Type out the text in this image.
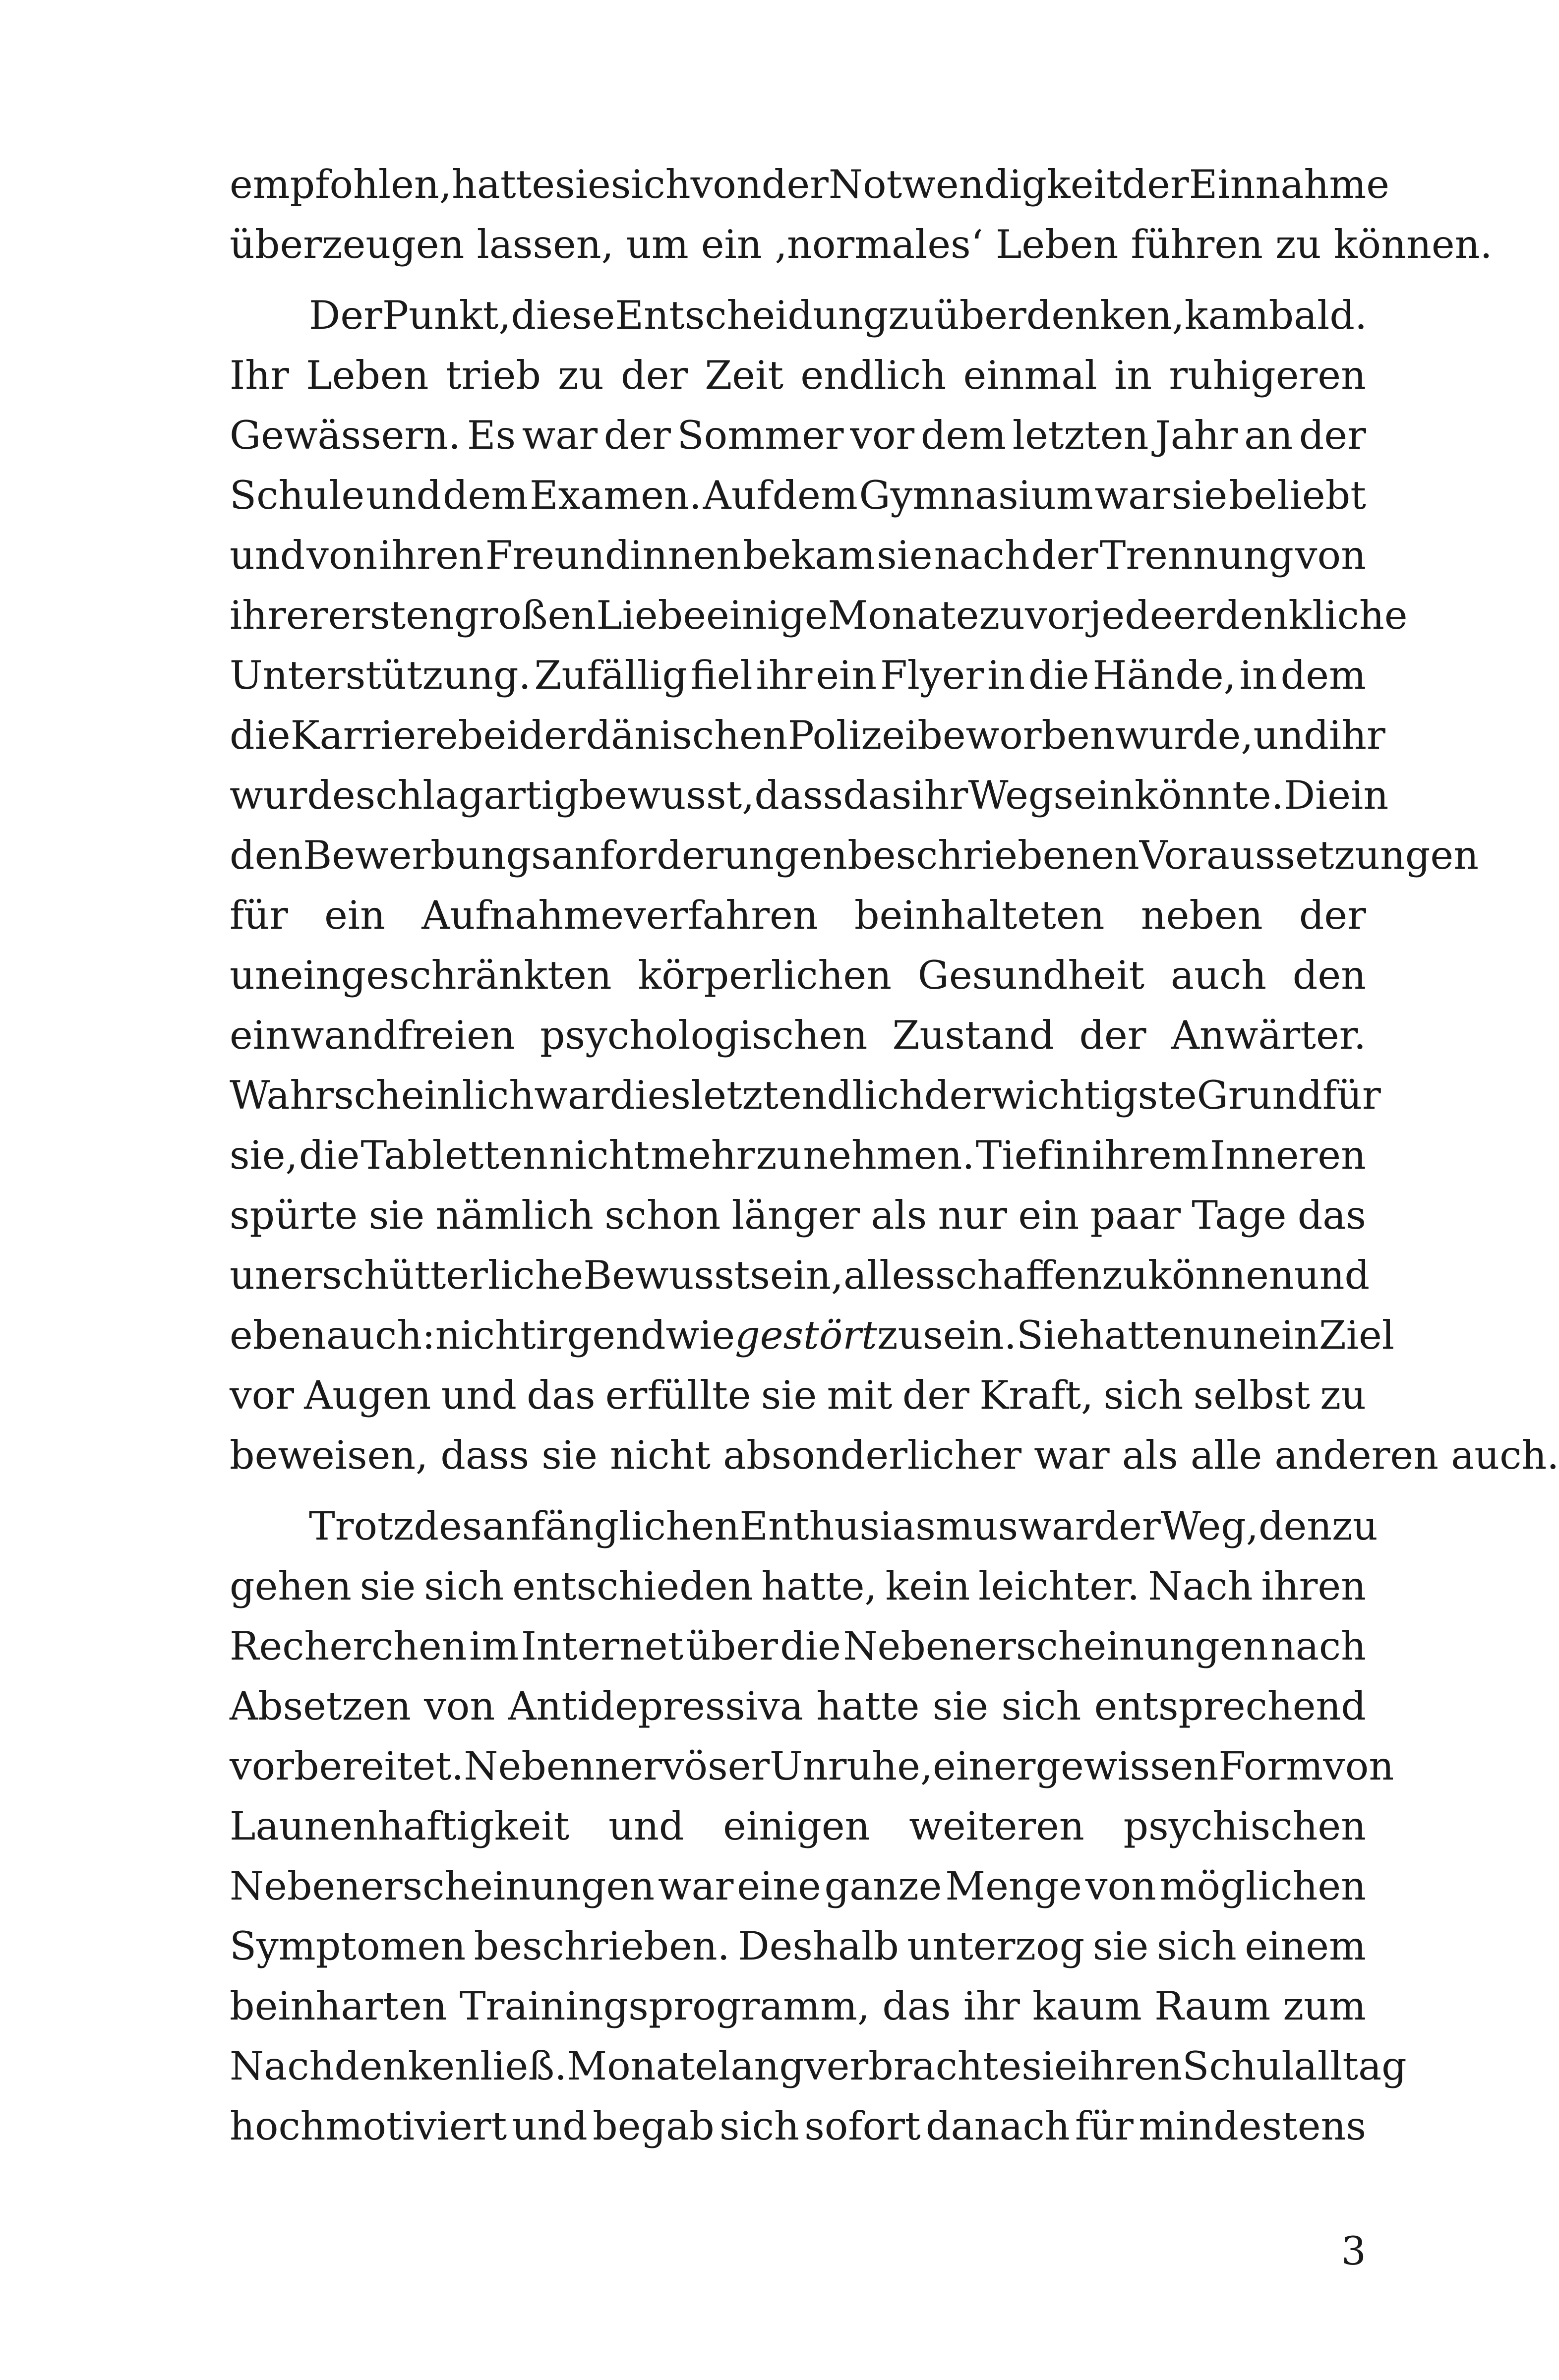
empfohlen, hatte sie sich von der Notwendigkeit der Einnahme
überzeugen lassen, um ein ‚normales‘ Leben führen zu können.
Der Punkt, diese Entscheidung zu überdenken, kam bald.
Ihr Leben trieb zu der Zeit endlich einmal in ruhigeren
Gewässern. Es war der Sommer vor dem letzten Jahr an der
Schule und dem Examen. Auf dem Gymnasium war sie beliebt
und von ihren Freundinnen bekam sie nach der Trennung von
ihrer ersten großen Liebe einige Monate zuvor jede erdenkliche
Unterstützung. Zufällig fiel ihr ein Flyer in die Hände, in dem
die Karriere bei der dänischen Polizei beworben wurde, und ihr
wurde schlagartig bewusst, dass das ihr Weg sein könnte. Die in
den Bewerbungsanforderungen beschriebenen Voraussetzungen
für ein Aufnahmeverfahren beinhalteten neben der
uneingeschränkten körperlichen Gesundheit auch den
einwandfreien psychologischen Zustand der Anwärter.
Wahrscheinlich war dies letztendlich der wichtigste Grund für
sie, die Tabletten nicht mehr zu nehmen. Tief in ihrem Inneren
spürte sie nämlich schon länger als nur ein paar Tage das
unerschütterliche Bewusstsein, alles schaffen zu können und
eben auch: nicht irgendwie gestört zu sein. Sie hatte nun ein Ziel
vor Augen und das erfüllte sie mit der Kraft, sich selbst zu
beweisen, dass sie nicht absonderlicher war als alle anderen auch.
Trotz des anfänglichen Enthusiasmus war der Weg, den zu
gehen sie sich entschieden hatte, kein leichter. Nach ihren
Recherchen im Internet über die Nebenerscheinungen nach
Absetzen von Antidepressiva hatte sie sich entsprechend
vorbereitet. Neben nervöser Unruhe, einer gewissen Form von
Launenhaftigkeit und einigen weiteren psychischen
Nebenerscheinungen war eine ganze Menge von möglichen
Symptomen beschrieben. Deshalb unterzog sie sich einem
beinharten Trainingsprogramm, das ihr kaum Raum zum
Nachdenken ließ. Monatelang verbrachte sie ihren Schulalltag
hochmotiviert und begab sich sofort danach für mindestens
3
